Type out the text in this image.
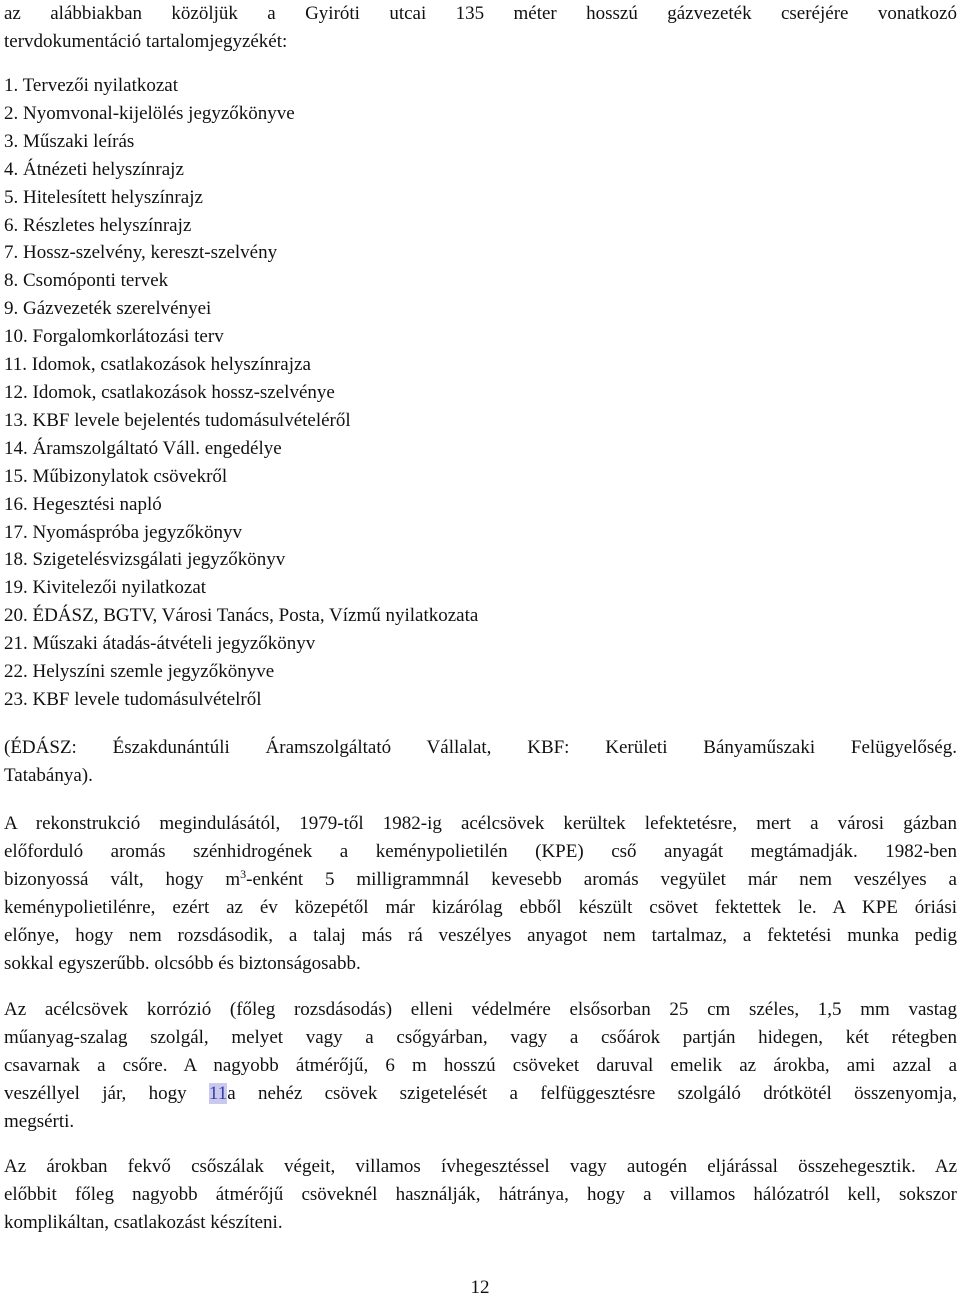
az alábbiakban közöljük a Gyiróti utcai 135 méter hosszú gázvezeték cseréjére vonatkozó
tervdokumentáció tartalomjegyzékét:

1. Tervezői nyilatkozat
2. Nyomvonal-kijelölés jegyzőkönyve
3. Műszaki leírás
4. Átnézeti helyszínrajz
5. Hitelesített helyszínrajz
6. Részletes helyszínrajz
7. Hossz-szelvény, kereszt-szelvény
8. Csomóponti tervek
9. Gázvezeték szerelvényei
10. Forgalomkorlátozási terv
11. Idomok, csatlakozások helyszínrajza
12. Idomok, csatlakozások hossz-szelvénye
13. KBF levele bejelentés tudomásulvételéről
14. Áramszolgáltató Váll. engedélye
15. Műbizonylatok csövekről
16. Hegesztési napló
17. Nyomáspróba jegyzőkönyv
18. Szigetelésvizsgálati jegyzőkönyv
19. Kivitelezői nyilatkozat
20. ÉDÁSZ, BGTV, Városi Tanács, Posta, Vízmű nyilatkozata
21. Műszaki átadás-átvételi jegyzőkönyv
22. Helyszíni szemle jegyzőkönyve
23. KBF levele tudomásulvételről

(ÉDÁSZ: Északdunántúli Áramszolgáltató Vállalat, KBF: Kerületi Bányaműszaki Felügyelőség.
Tatabánya).

A rekonstrukció megindulásától, 1979-től 1982-ig acélcsövek kerültek lefektetésre, mert a városi gázban
előforduló aromás szénhidrogének a keménypolietilén (KPE) cső anyagát megtámadják. 1982-ben
bizonyossá vált, hogy $m^3$-enként 5 milligrammnál kevesebb aromás vegyület már nem veszélyes a
keménypolietilénre, ezért az év közepétől már kizárólag ebből készült csövet fektettek le. A KPE óriási
előnye, hogy nem rozsdásodik, a talaj más rá veszélyes anyagot nem tartalmaz, a fektetési munka pedig
sokkal egyszerűbb. olcsóbb és biztonságosabb.

Az acélcsövek korrózió (főleg rozsdásodás) elleni védelmére elsősorban 25 cm széles, 1,5 mm vastag
műanyag-szalag szolgál, melyet vagy a csőgyárban, vagy a csőárok partján hidegen, két rétegben
csavarnak a csőre. A nagyobb átmérőjű, 6 m hosszú csöveket daruval emelik az árokba, ami azzal a
veszéllyel jár, hogy 11a nehéz csövek szigetelését a felfüggesztésre szolgáló drótkötél összenyomja,
megsérti.

Az árokban fekvő csőszálak végeit, villamos ívhegesztéssel vagy autogén eljárással összehegesztik. Az
előbbit főleg nagyobb átmérőjű csöveknél használják, hátránya, hogy a villamos hálózatról kell, sokszor
komplikáltan, csatlakozást készíteni.

12
